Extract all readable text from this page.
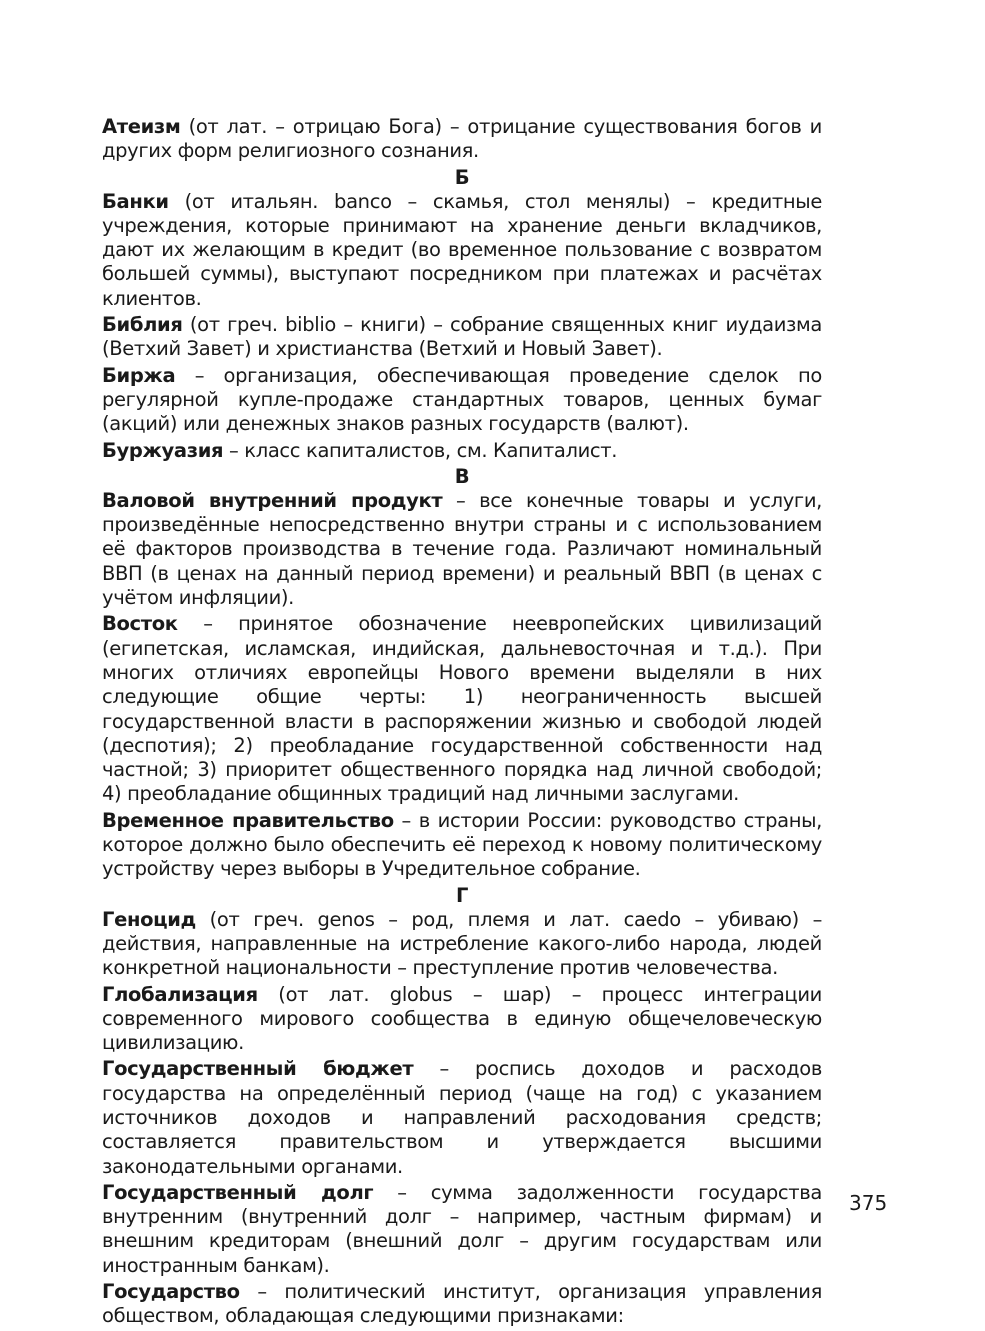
Атеизм (от лат. – отрицаю Бога) – отрицание существования богов и других форм религиозного сознания.

Б

Банки (от итальян. banco – скамья, стол менялы) – кредитные учреждения, которые принимают на хранение деньги вкладчиков, дают их желающим в кредит (во временное пользование с возвратом большей суммы), выступают посредником при платежах и расчётах клиентов.

Библия (от греч. biblio – книги) – собрание священных книг иудаизма (Ветхий Завет) и христианства (Ветхий и Новый Завет).

Биржа – организация, обеспечивающая проведение сделок по регулярной купле-продаже стандартных товаров, ценных бумаг (акций) или денежных знаков разных государств (валют).

Буржуазия – класс капиталистов, см. Капиталист.

В

Валовой внутренний продукт – все конечные товары и услуги, произведённые непосредственно внутри страны и с использованием её факторов производства в течение года. Различают номинальный ВВП (в ценах на данный период времени) и реальный ВВП (в ценах с учётом инфляции).

Восток – принятое обозначение неевропейских цивилизаций (египетская, исламская, индийская, дальневосточная и т.д.). При многих отличиях европейцы Нового времени выделяли в них следующие общие черты: 1) неограниченность высшей государственной власти в распоряжении жизнью и свободой людей (деспотия); 2) преобладание государственной собственности над частной; 3) приоритет общественного порядка над личной свободой; 4) преобладание общинных традиций над личными заслугами.

Временное правительство – в истории России: руководство страны, которое должно было обеспечить её переход к новому политическому устройству через выборы в Учредительное собрание.

Г

Геноцид (от греч. genos – род, племя и лат. caedo – убиваю) – действия, направленные на истребление какого-либо народа, людей конкретной национальности – преступление против человечества.

Глобализация (от лат. globus – шар) – процесс интеграции современного мирового сообщества в единую общечеловеческую цивилизацию.

Государственный бюджет – роспись доходов и расходов государства на определённый период (чаще на год) с указанием источников доходов и направлений расходования средств; составляется правительством и утверждается высшими законодательными органами.

Государственный долг – сумма задолженности государства внутренним (внутренний долг – например, частным фирмам) и внешним кредиторам (внешний долг – другим государствам или иностранным банкам).

Государство – политический институт, организация управления обществом, обладающая следующими признаками:

375
